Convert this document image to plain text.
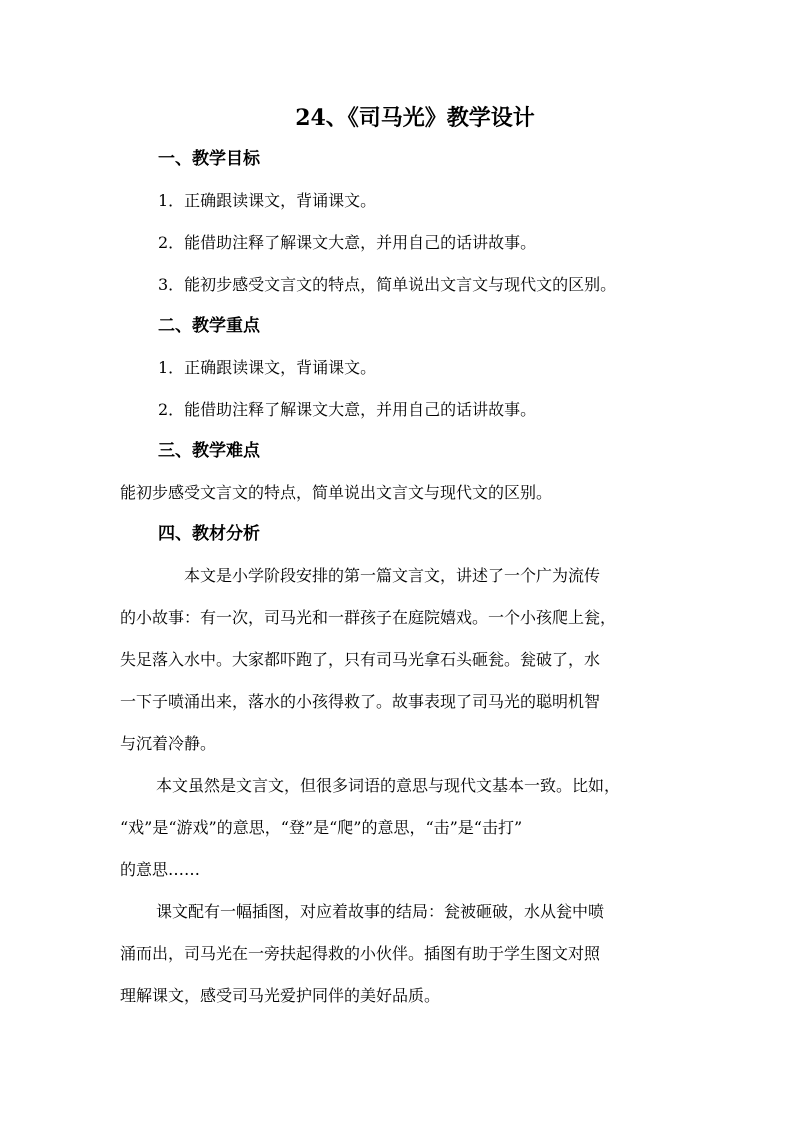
24、《司马光》教学设计
一、教学目标
1．正确跟读课文，背诵课文。
2．能借助注释了解课文大意，并用自己的话讲故事。
3．能初步感受文言文的特点，简单说出文言文与现代文的区别。
二、教学重点
1．正确跟读课文，背诵课文。
2．能借助注释了解课文大意，并用自己的话讲故事。
三、教学难点
能初步感受文言文的特点，简单说出文言文与现代文的区别。
四、教材分析
本文是小学阶段安排的第一篇文言文，讲述了一个广为流传
的小故事：有一次，司马光和一群孩子在庭院嬉戏。一个小孩爬上瓮，
失足落入水中。大家都吓跑了，只有司马光拿石头砸瓮。瓮破了，水
一下子喷涌出来，落水的小孩得救了。故事表现了司马光的聪明机智
与沉着冷静。
本文虽然是文言文，但很多词语的意思与现代文基本一致。比如，
“戏”是“游戏”的意思，“登”是“爬”的意思，“击”是“击打”
的意思……
课文配有一幅插图，对应着故事的结局：瓮被砸破，水从瓮中喷
涌而出，司马光在一旁扶起得救的小伙伴。插图有助于学生图文对照
理解课文，感受司马光爱护同伴的美好品质。
